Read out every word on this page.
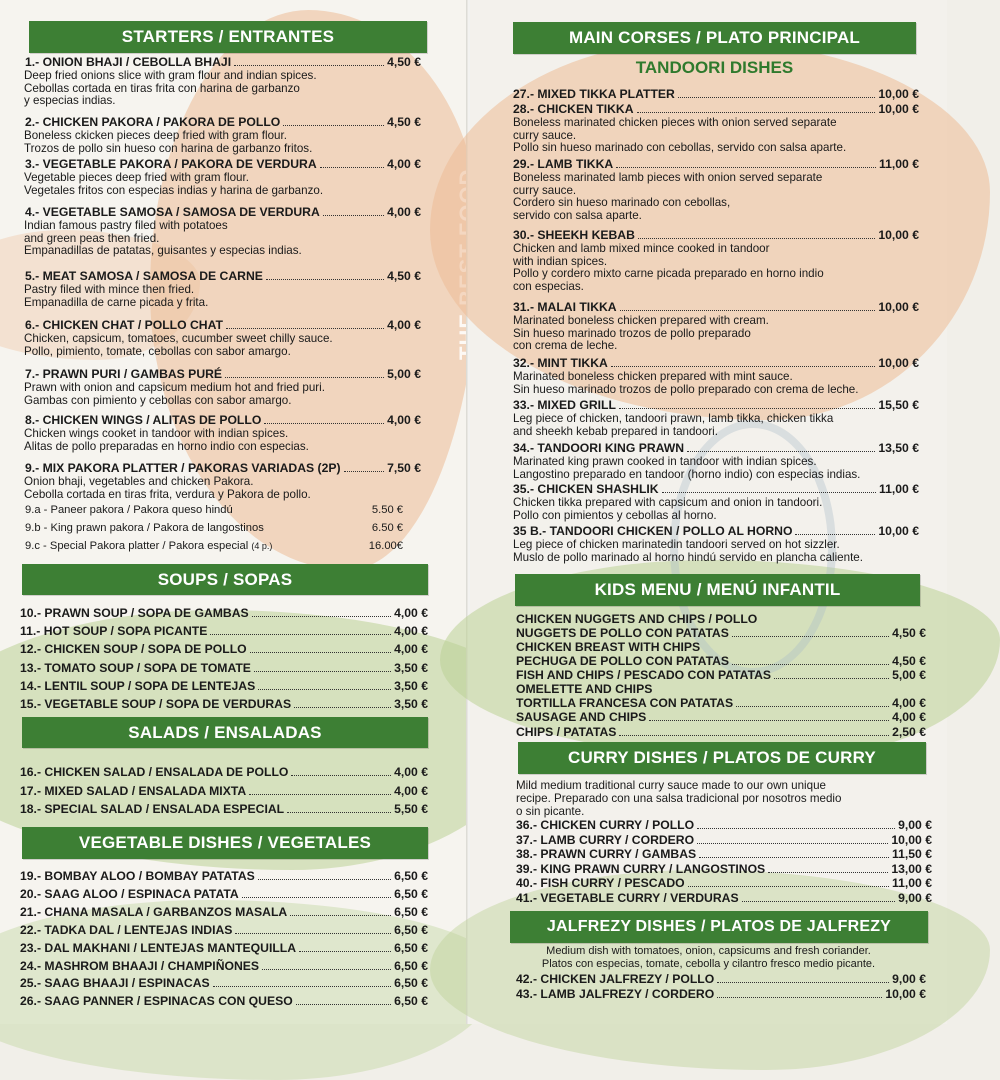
STARTERS / ENTRANTES
1.- ONION BHAJI / CEBOLLA BHAJI	4,50 €
Deep fried onions slice with gram flour and indian spices.
Cebollas cortada en tiras frita con harina de garbanzo
y especias indias.
2.- CHICKEN PAKORA / PAKORA DE POLLO	4,50 €
Boneless ckicken pieces deep fried with gram flour.
Trozos de pollo sin hueso con harina de garbanzo fritos.
3.- VEGETABLE PAKORA / PAKORA DE VERDURA	4,00 €
Vegetable pieces deep fried with gram flour.
Vegetales fritos con especias indias y harina de garbanzo.
4.- VEGETABLE SAMOSA / SAMOSA DE VERDURA	4,00 €
Indian famous pastry filed with potatoes
and green peas then fried.
Empanadillas de patatas, guisantes y especias indias.
5.- MEAT SAMOSA / SAMOSA DE CARNE	4,50 €
Pastry filed with mince then fried.
Empanadilla de carne picada y frita.
6.- CHICKEN CHAT / POLLO CHAT	4,00 €
Chicken, capsicum, tomatoes, cucumber sweet chilly sauce.
Pollo, pimiento, tomate, cebollas con sabor amargo.
7.- PRAWN PURI / GAMBAS PURÉ	5,00 €
Prawn with onion and capsicum medium hot and fried puri.
Gambas con pimiento y cebollas con sabor amargo.
8.- CHICKEN WINGS / ALITAS DE POLLO	4,00 €
Chicken wings cooket in tandoor with indian spices.
Alitas de pollo preparadas en horno indio con especias.
9.- MIX PAKORA PLATTER / PAKORAS VARIADAS (2P)	7,50 €
Onion bhaji, vegetables and chicken Pakora.
Cebolla cortada en tiras frita, verdura y Pakora de pollo.
9.a - Paneer pakora / Pakora queso hindú	5.50 €
9.b - King prawn pakora / Pakora de langostinos	6.50 €
9.c - Special Pakora platter / Pakora especial (4 p.)	16.00€
SOUPS / SOPAS
10.- PRAWN SOUP / SOPA DE GAMBAS	4,00 €
11.- HOT SOUP / SOPA PICANTE	4,00 €
12.- CHICKEN SOUP / SOPA DE POLLO	4,00 €
13.- TOMATO SOUP / SOPA DE TOMATE	3,50 €
14.- LENTIL SOUP / SOPA DE LENTEJAS	3,50 €
15.- VEGETABLE SOUP / SOPA DE VERDURAS	3,50 €
SALADS / ENSALADAS
16.- CHICKEN SALAD / ENSALADA DE POLLO	4,00 €
17.- MIXED SALAD / ENSALADA MIXTA	4,00 €
18.- SPECIAL SALAD / ENSALADA ESPECIAL	5,50 €
VEGETABLE DISHES / VEGETALES
19.- BOMBAY ALOO / BOMBAY PATATAS	6,50 €
20.- SAAG ALOO / ESPINACA PATATA	6,50 €
21.- CHANA MASALA / GARBANZOS MASALA	6,50 €
22.- TADKA DAL / LENTEJAS INDIAS	6,50 €
23.- DAL MAKHANI / LENTEJAS MANTEQUILLA	6,50 €
24.- MASHROM BHAAJI / CHAMPIÑONES	6,50 €
25.- SAAG BHAAJI / ESPINACAS	6,50 €
26.- SAAG PANNER / ESPINACAS CON QUESO	6,50 €
MAIN CORSES / PLATO PRINCIPAL
TANDOORI DISHES
27.- MIXED TIKKA PLATTER	10,00 €
28.- CHICKEN TIKKA	10,00 €
Boneless marinated chicken pieces with onion served separate
curry sauce.
Pollo sin hueso marinado con cebollas, servido con salsa aparte.
29.- LAMB TIKKA	11,00 €
Boneless marinated lamb pieces with onion served separate
curry sauce.
Cordero sin hueso marinado con cebollas,
servido con salsa aparte.
30.- SHEEKH KEBAB	10,00 €
Chicken and lamb mixed mince cooked in tandoor
with indian spices.
Pollo y cordero mixto carne picada preparado en horno indio
con especias.
31.- MALAI TIKKA	10,00 €
Marinated boneless chicken prepared with cream.
Sin hueso marinado trozos de pollo preparado
con crema de leche.
32.- MINT TIKKA	10,00 €
Marinated boneless chicken prepared with mint sauce.
Sin hueso marinado trozos de pollo preparado con crema de leche.
33.- MIXED GRILL	15,50 €
Leg piece of chicken, tandoori prawn, lamb tikka, chicken tikka
and sheekh kebab prepared in tandoori.
34.- TANDOORI KING PRAWN	13,50 €
Marinated king prawn cooked in tandoor with indian spices.
Langostino preparado en tandoor (horno indio) con especias indias.
35.- CHICKEN SHASHLIK	11,00 €
Chicken tikka prepared with capsicum and onion in tandoori.
Pollo con pimientos y cebollas al horno.
35 B.- TANDOORI CHICKEN / POLLO AL HORNO	10,00 €
Leg piece of chicken marinatedin tandoori served on hot sizzler.
Muslo de pollo marinado al horno hindú servido en plancha caliente.
KIDS MENU / MENÚ INFANTIL
CHICKEN NUGGETS AND CHIPS / POLLO
NUGGETS DE POLLO CON PATATAS	4,50 €
CHICKEN BREAST WITH CHIPS
PECHUGA DE POLLO CON PATATAS	4,50 €
FISH AND CHIPS / PESCADO CON PATATAS	5,00 €
OMELETTE AND CHIPS
TORTILLA FRANCESA CON PATATAS	4,00 €
SAUSAGE AND CHIPS	4,00 €
CHIPS / PATATAS	2,50 €
CURRY DISHES / PLATOS DE CURRY
Mild medium traditional curry sauce made to our own unique
recipe. Preparado con una salsa tradicional por nosotros medio
o sin picante.
36.- CHICKEN CURRY / POLLO	9,00 €
37.- LAMB CURRY / CORDERO	10,00 €
38.- PRAWN CURRY / GAMBAS	11,50 €
39.- KING PRAWN CURRY / LANGOSTINOS	13,00 €
40.- FISH CURRY / PESCADO	11,00 €
41.- VEGETABLE CURRY / VERDURAS	9,00 €
JALFREZY DISHES / PLATOS DE JALFREZY
Medium dish with tomatoes, onion, capsicums and fresh coriander.
Platos con especias, tomate, cebolla y cilantro fresco medio picante.
42.- CHICKEN JALFREZY / POLLO	9,00 €
43.- LAMB JALFREZY / CORDERO	10,00 €
